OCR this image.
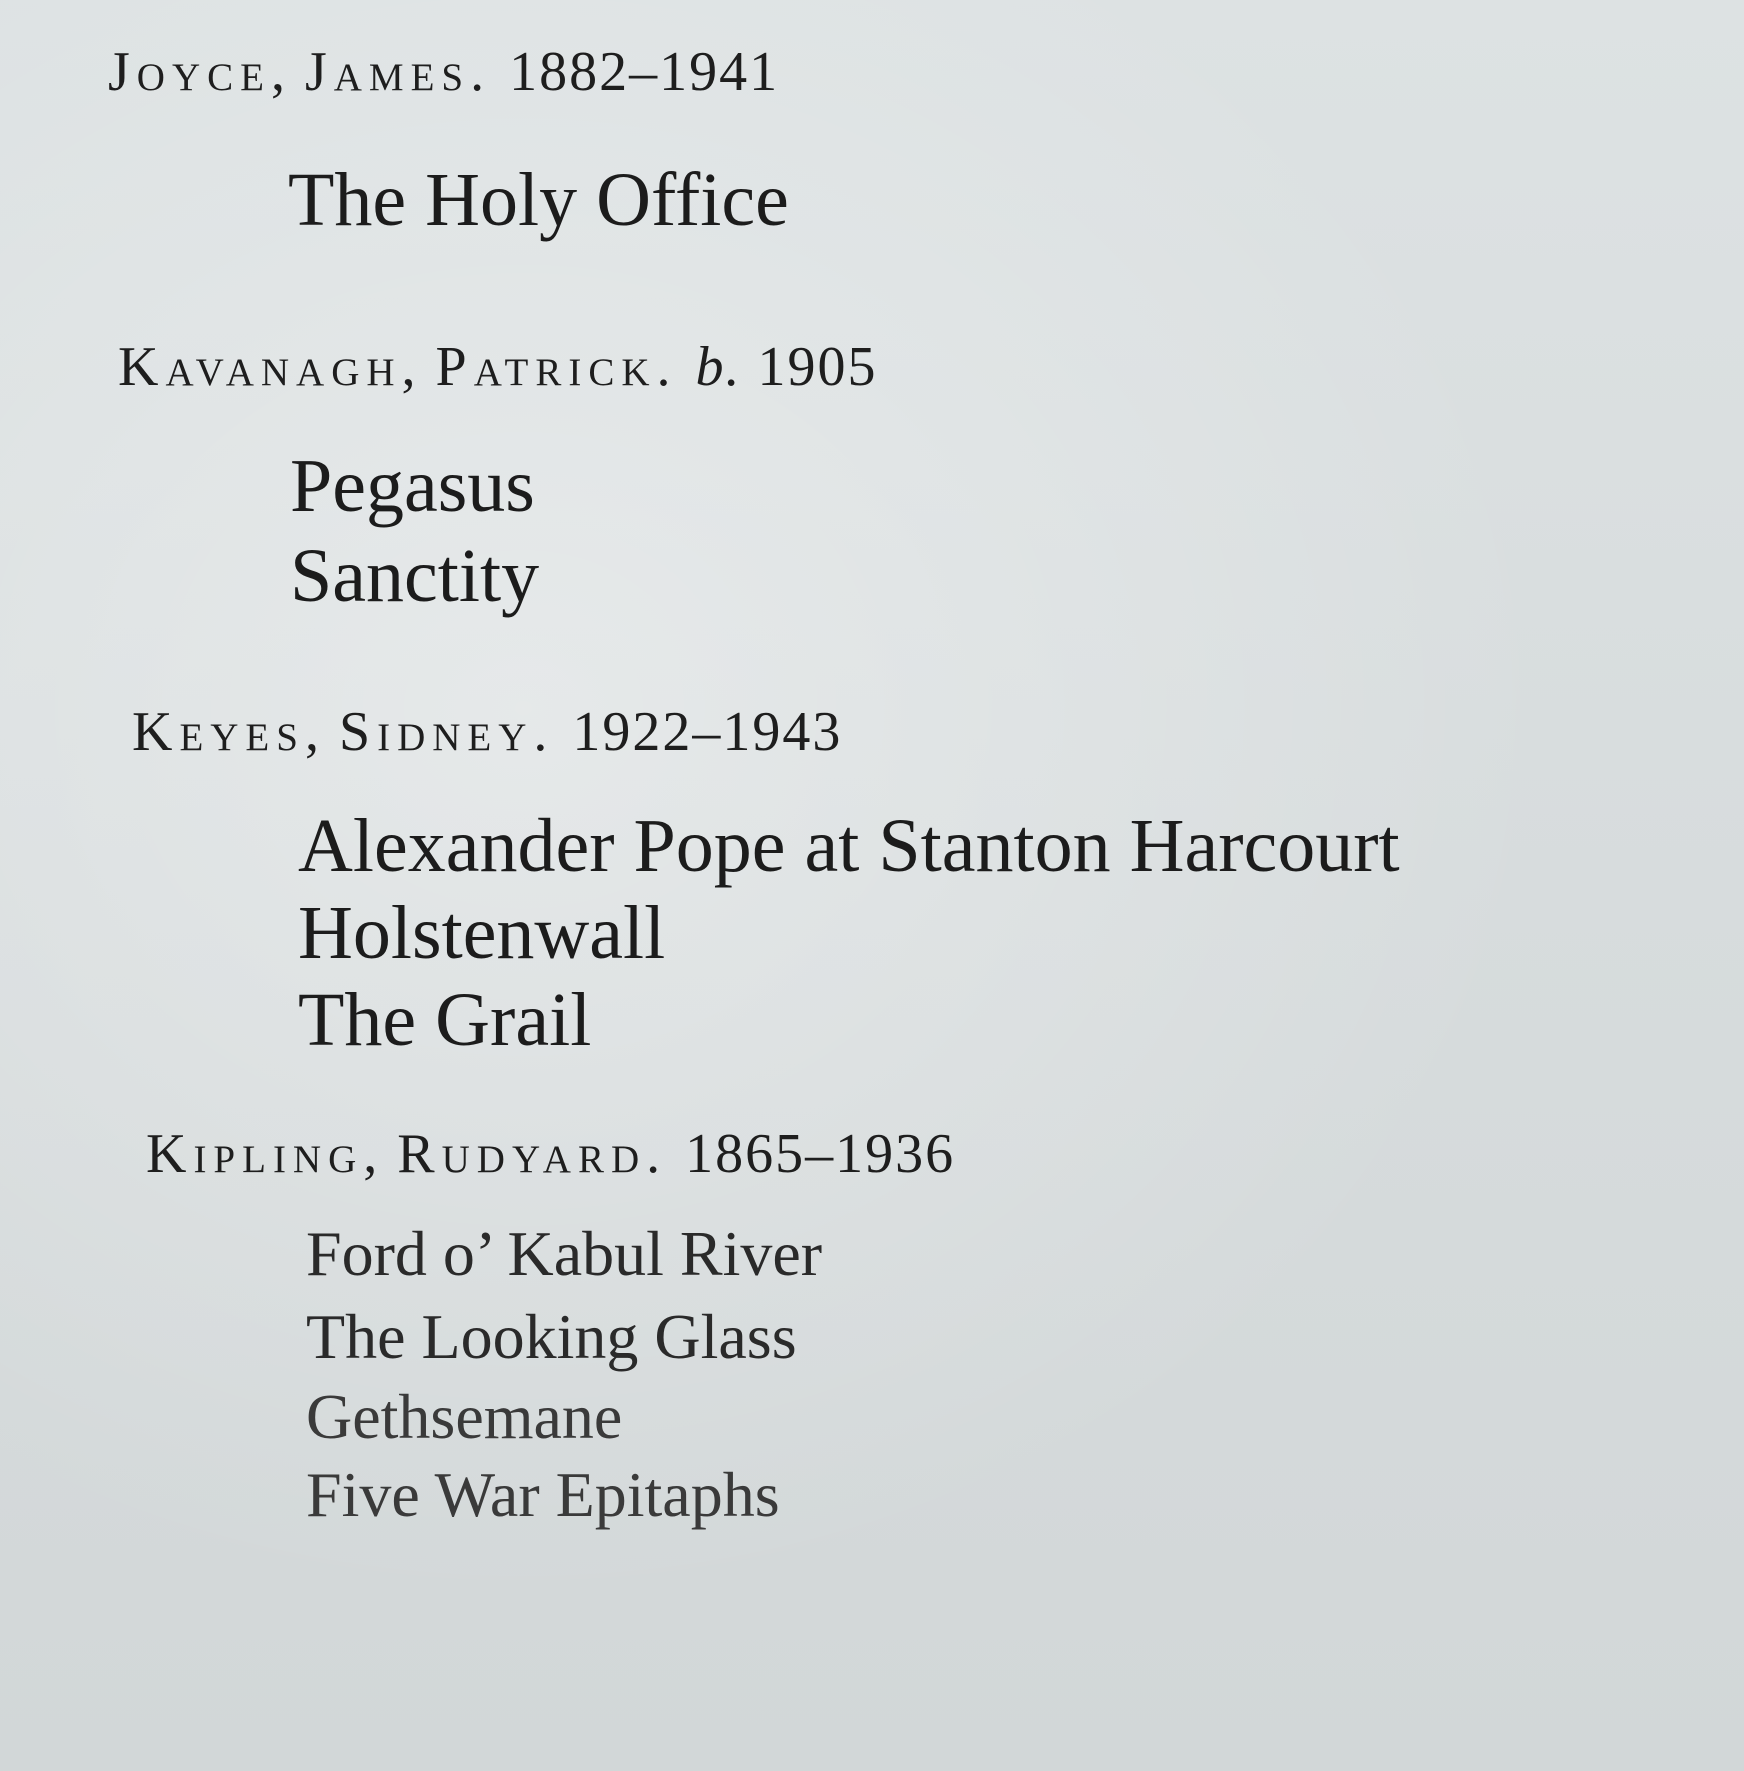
Joyce, James. 1882–1941
The Holy Office
Kavanagh, Patrick. b. 1905
Pegasus
Sanctity
Keyes, Sidney. 1922–1943
Alexander Pope at Stanton Harcourt
Holstenwall
The Grail
Kipling, Rudyard. 1865–1936
Ford o’ Kabul River
The Looking Glass
Gethsemane
Five War Epitaphs
